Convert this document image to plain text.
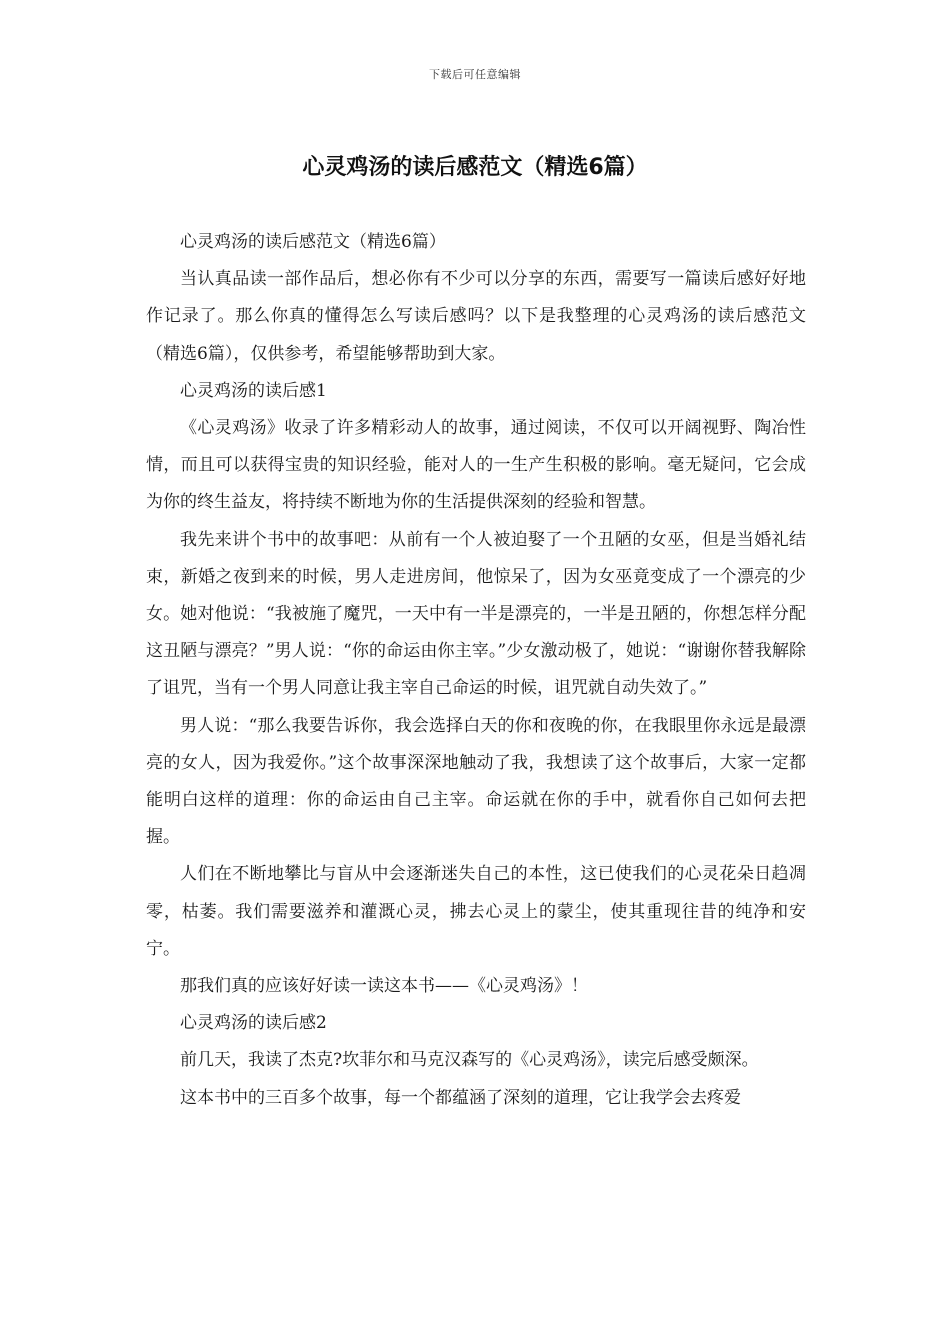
下载后可任意编辑
心灵鸡汤的读后感范文（精选6篇）

心灵鸡汤的读后感范文（精选6篇）

当认真品读一部作品后，想必你有不少可以分享的东西，需要写一篇读后感好好地作记录了。那么你真的懂得怎么写读后感吗？以下是我整理的心灵鸡汤的读后感范文（精选6篇），仅供参考，希望能够帮助到大家。

心灵鸡汤的读后感1

《心灵鸡汤》收录了许多精彩动人的故事，通过阅读，不仅可以开阔视野、陶冶性情，而且可以获得宝贵的知识经验，能对人的一生产生积极的影响。毫无疑问，它会成为你的终生益友，将持续不断地为你的生活提供深刻的经验和智慧。

我先来讲个书中的故事吧：从前有一个人被迫娶了一个丑陋的女巫，但是当婚礼结束，新婚之夜到来的时候，男人走进房间，他惊呆了，因为女巫竟变成了一个漂亮的少女。她对他说：“我被施了魔咒，一天中有一半是漂亮的，一半是丑陋的，你想怎样分配这丑陋与漂亮？”男人说：“你的命运由你主宰。”少女激动极了，她说：“谢谢你替我解除了诅咒，当有一个男人同意让我主宰自己命运的时候，诅咒就自动失效了。”

男人说：“那么我要告诉你，我会选择白天的你和夜晚的你，在我眼里你永远是最漂亮的女人，因为我爱你。”这个故事深深地触动了我，我想读了这个故事后，大家一定都能明白这样的道理：你的命运由自己主宰。命运就在你的手中，就看你自己如何去把握。

人们在不断地攀比与盲从中会逐渐迷失自己的本性，这已使我们的心灵花朵日趋凋零，枯萎。我们需要滋养和灌溉心灵，拂去心灵上的蒙尘，使其重现往昔的纯净和安宁。

那我们真的应该好好读一读这本书——《心灵鸡汤》！

心灵鸡汤的读后感2

前几天，我读了杰克?坎菲尔和马克汉森写的《心灵鸡汤》，读完后感受颇深。

这本书中的三百多个故事，每一个都蕴涵了深刻的道理，它让我学会去疼爱
